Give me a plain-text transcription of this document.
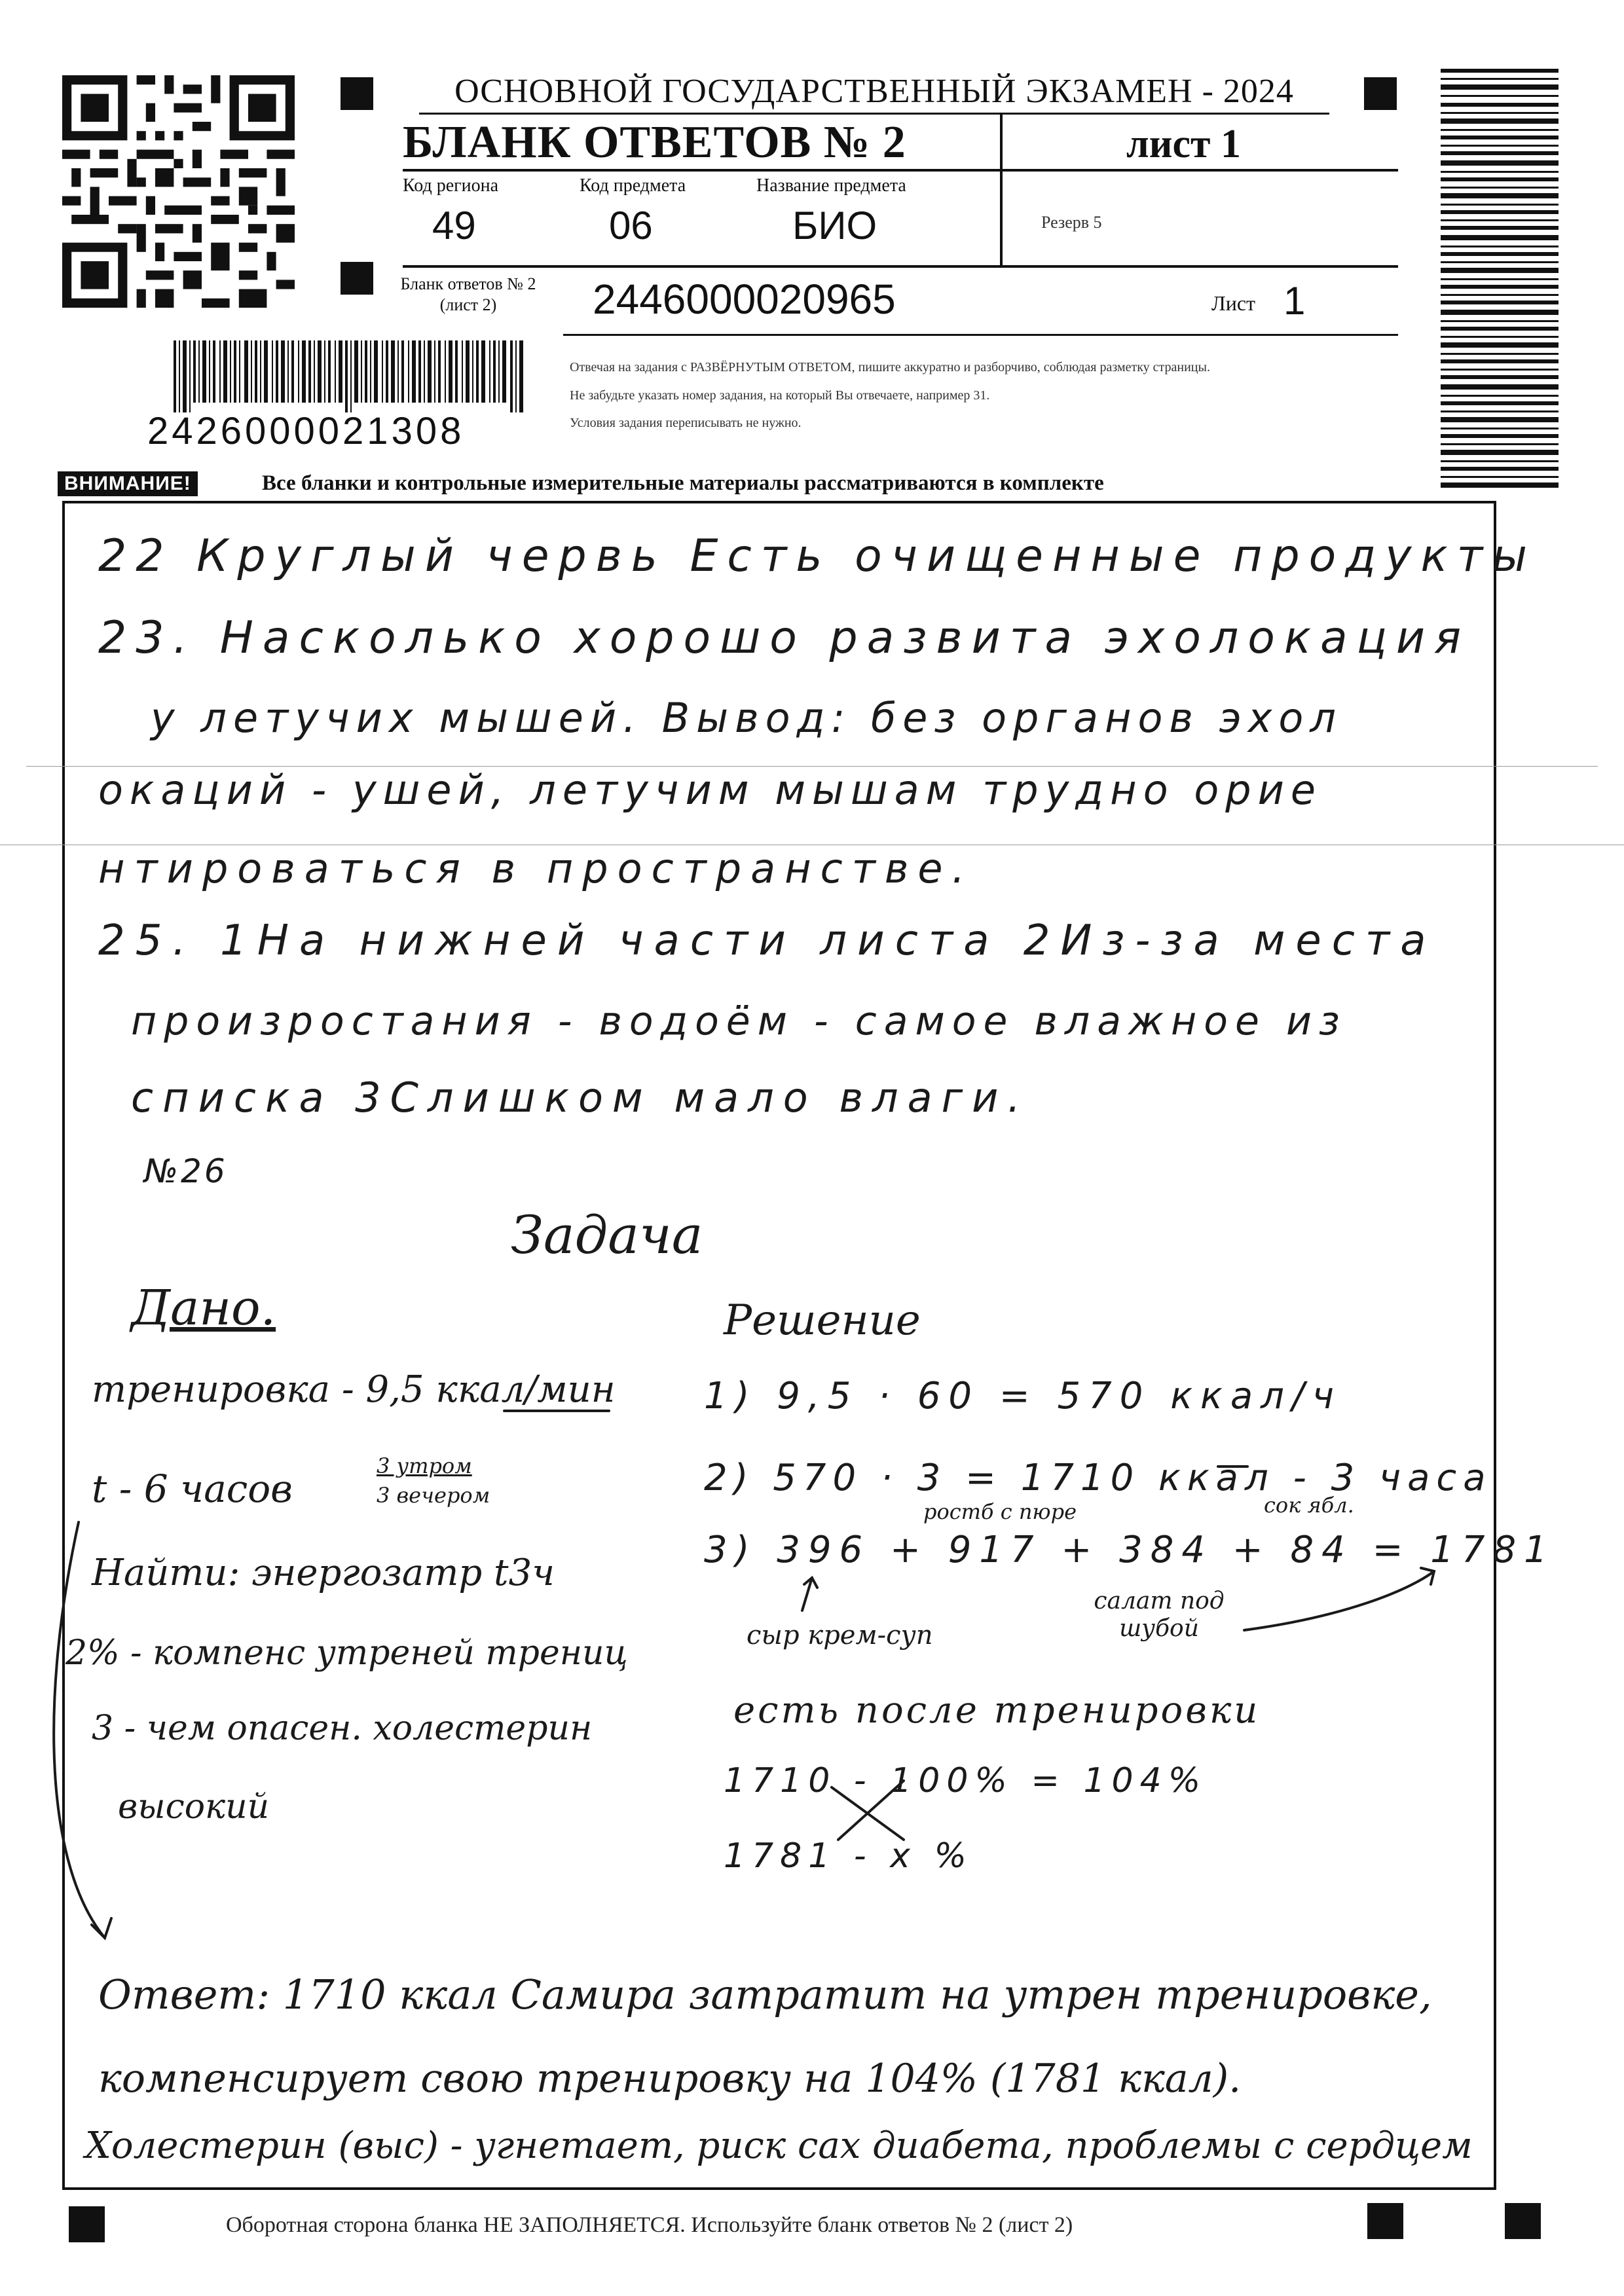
ОСНОВНОЙ ГОСУДАРСТВЕННЫЙ ЭКЗАМЕН - 2024
БЛАНК ОТВЕТОВ № 2	лист 1
Код региона
49
Код предмета
06
Название предмета
БИО	Резерв 5
Бланк ответов № 2
(лист 2)	2446000020965	Лист 1
Отвечая на задания с РАЗВЁРНУТЫМ ОТВЕТОМ, пишите аккуратно и разборчиво, соблюдая разметку страницы.
Не забудьте указать номер задания, на который Вы отвечаете, например 31.
Условия задания переписывать не нужно.
2426000021308
ВНИМАНИЕ!	Все бланки и контрольные измерительные материалы рассматриваются в комплекте
22 Круглый червь Есть очищенные продукты
23. Насколько хорошо развита эхолокация
у летучих мышей. Вывод: без органов эхол
окаций - ушей, летучим мышам трудно орие
нтироваться в пространстве.
25. 1На нижней части листа 2Из-за места
произростания - водоём - самое влажное из
списка 3Слишком мало влаги.
№26
Задача
Дано.
тренировка - 9,5 ккал/мин
3 утром
3 вечером
t - 6 часов
Найти: энергозатр t3ч
2% - компенс утреней трениц
3 - чем опасен. холестерин
высокий
Решение
1) 9,5 · 60 = 570 ккал/ч
2) 570 · 3 = 1710 ккал - 3 часа
ростб с пюре	сок ябл.
3) 396 + 917 + 384 + 84 = 1781
сыр крем-суп
салат под шубой
есть после тренировки
1710 - 100% = 104%
1781 - x %
Ответ: 1710 ккал Самира затратит на утрен тренировке,
компенсирует свою тренировку на 104% (1781 ккал).
Холестерин (выс) - угнетает, риск сах диабета, проблемы с сердцем
Оборотная сторона бланка НЕ ЗАПОЛНЯЕТСЯ. Используйте бланк ответов № 2 (лист 2)
